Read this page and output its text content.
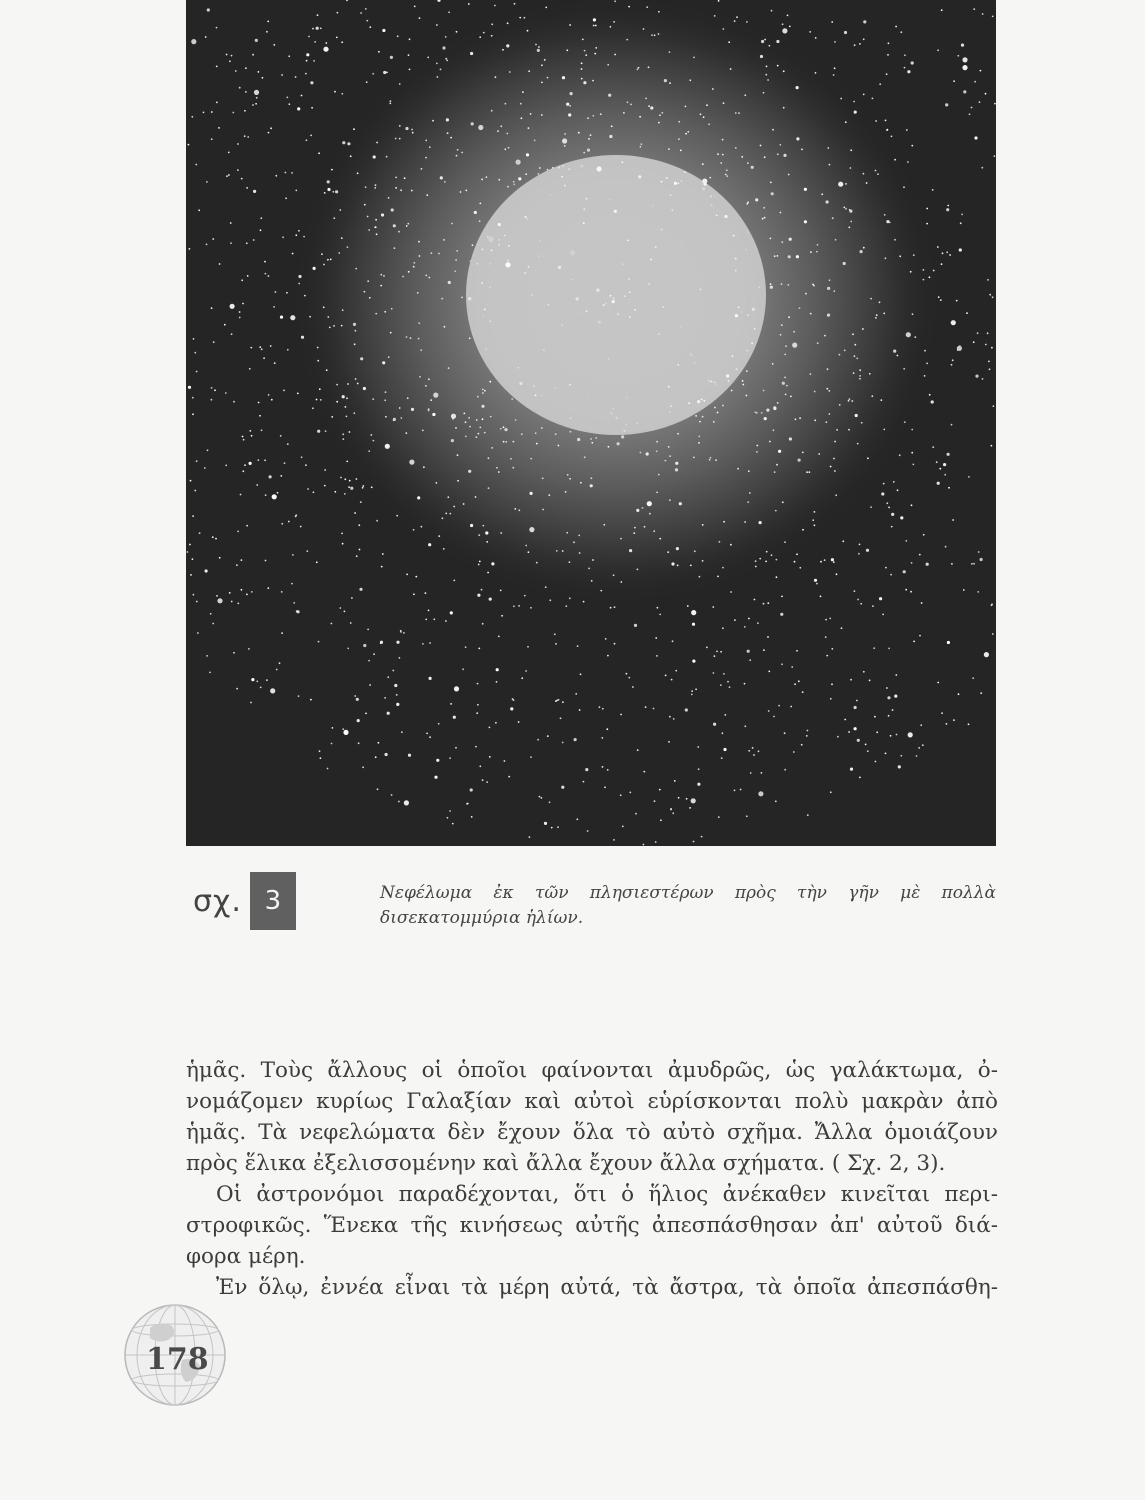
σχ. 3	Νεφέλωμα ἐκ τῶν πλησιεστέρων πρὸς τὴν γῆν μὲ πολλὰ δισεκατομμύρια ἡλίων.
ἡμᾶς. Τοὺς ἄλλους οἱ ὁποῖοι φαίνονται ἀμυδρῶς, ὡς γαλάκτωμα, ὀ-
νομάζομεν κυρίως Γαλαξίαν καὶ αὐτοὶ εὑρίσκονται πολὺ μακρὰν ἀπὸ
ἡμᾶς. Τὰ νεφελώματα δὲν ἔχουν ὅλα τὸ αὐτὸ σχῆμα. Ἄλλα ὁμοιάζουν
πρὸς ἕλικα ἐξελισσομένην καὶ ἄλλα ἔχουν ἄλλα σχήματα. ( Σχ. 2, 3).
Οἱ ἀστρονόμοι παραδέχονται, ὅτι ὁ ἥλιος ἀνέκαθεν κινεῖται περι-
στροφικῶς. Ἕνεκα τῆς κινήσεως αὐτῆς ἀπεσπάσθησαν ἀπ' αὐτοῦ διά-
φορα μέρη.
Ἐν ὅλῳ, ἐννέα εἶναι τὰ μέρη αὐτά, τὰ ἄστρα, τὰ ὁποῖα ἀπεσπάσθη-
178
